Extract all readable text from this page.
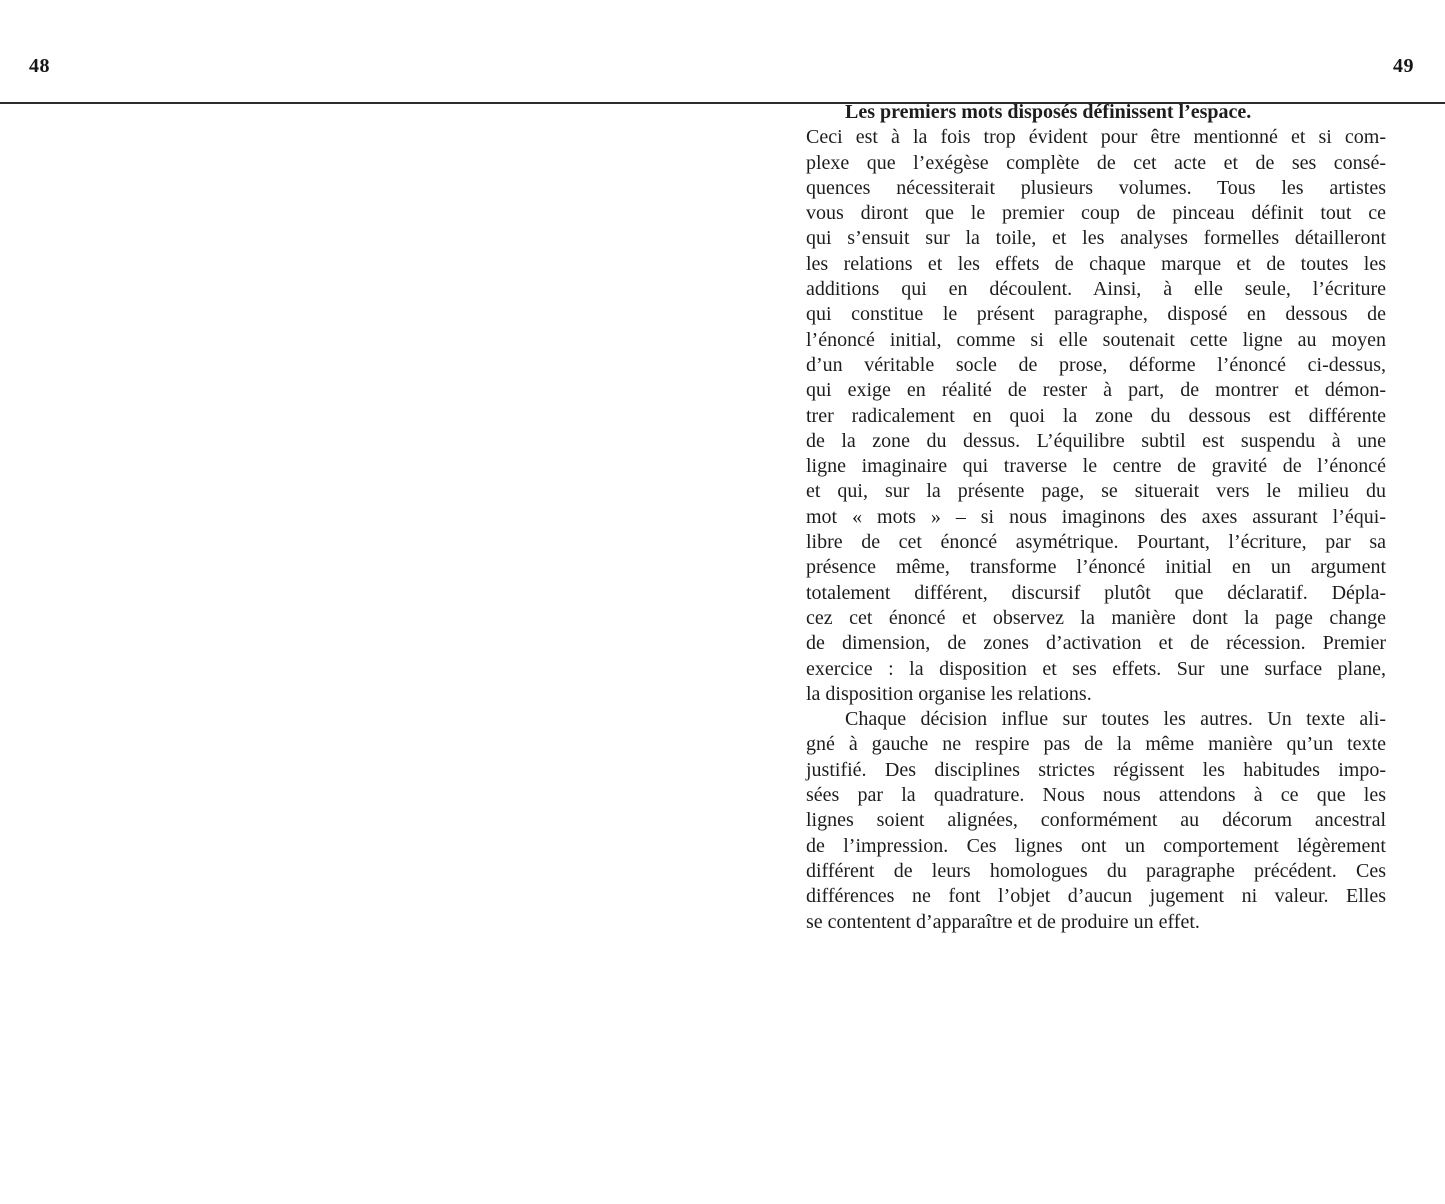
48	49
Les premiers mots disposés définissent l’espace.
Ceci est à la fois trop évident pour être mentionné et si com-
plexe que l’exégèse complète de cet acte et de ses consé-
quences nécessiterait plusieurs volumes. Tous les artistes
vous diront que le premier coup de pinceau définit tout ce
qui s’ensuit sur la toile, et les analyses formelles détailleront
les relations et les effets de chaque marque et de toutes les
additions qui en découlent. Ainsi, à elle seule, l’écriture
qui constitue le présent paragraphe, disposé en dessous de
l’énoncé initial, comme si elle soutenait cette ligne au moyen
d’un véritable socle de prose, déforme l’énoncé ci-dessus,
qui exige en réalité de rester à part, de montrer et démon-
trer radicalement en quoi la zone du dessous est différente
de la zone du dessus. L’équilibre subtil est suspendu à une
ligne imaginaire qui traverse le centre de gravité de l’énoncé
et qui, sur la présente page, se situerait vers le milieu du
mot « mots » – si nous imaginons des axes assurant l’équi-
libre de cet énoncé asymétrique. Pourtant, l’écriture, par sa
présence même, transforme l’énoncé initial en un argument
totalement différent, discursif plutôt que déclaratif. Dépla-
cez cet énoncé et observez la manière dont la page change
de dimension, de zones d’activation et de récession. Premier
exercice : la disposition et ses effets. Sur une surface plane,
la disposition organise les relations.
Chaque décision influe sur toutes les autres. Un texte ali-
gné à gauche ne respire pas de la même manière qu’un texte
justifié. Des disciplines strictes régissent les habitudes impo-
sées par la quadrature. Nous nous attendons à ce que les
lignes soient alignées, conformément au décorum ancestral
de l’impression. Ces lignes ont un comportement légèrement
différent de leurs homologues du paragraphe précédent. Ces
différences ne font l’objet d’aucun jugement ni valeur. Elles
se contentent d’apparaître et de produire un effet.
